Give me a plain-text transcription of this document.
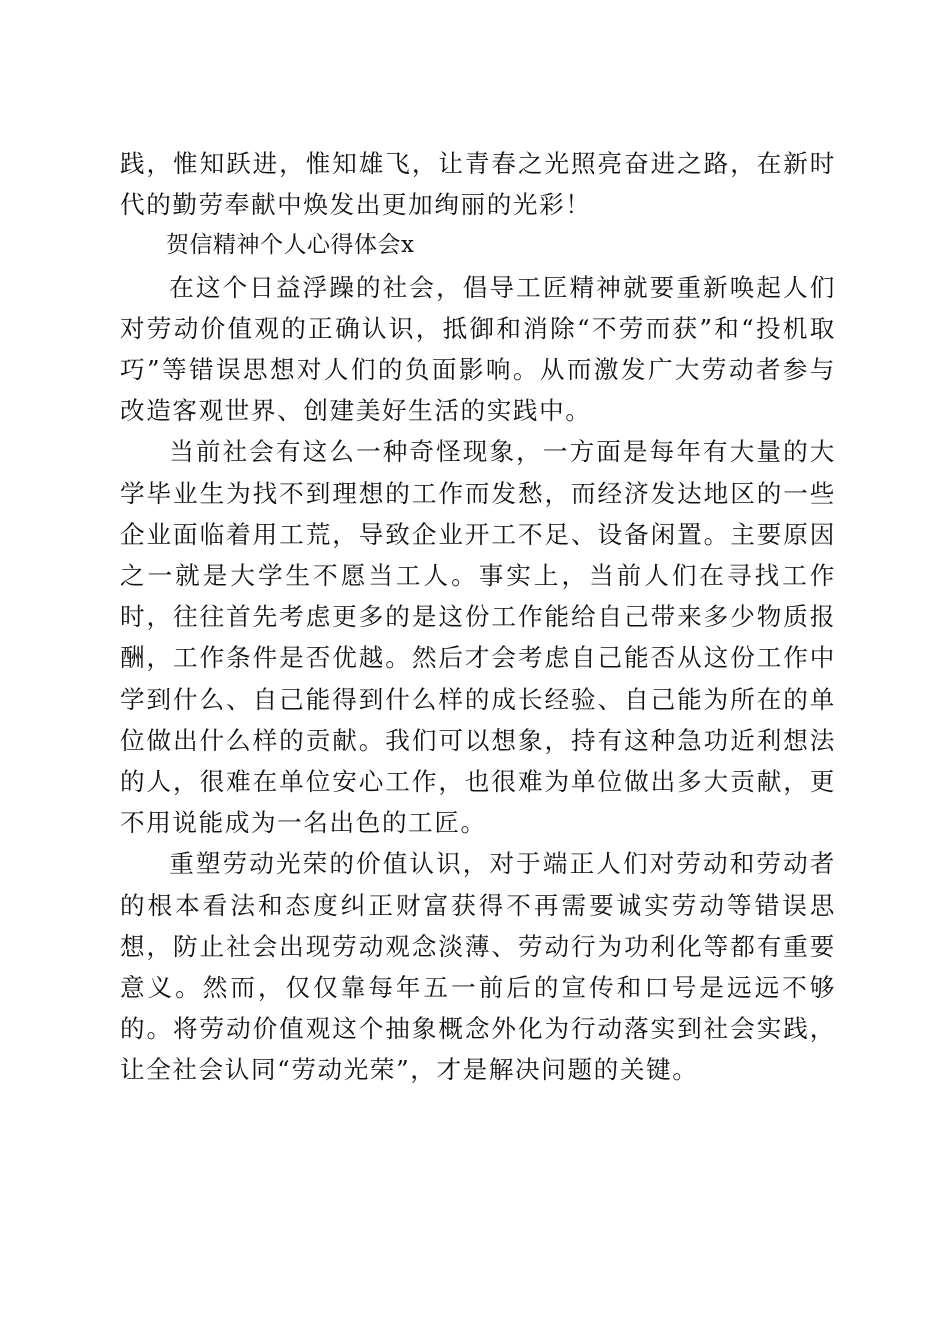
践，惟知跃进，惟知雄飞，让青春之光照亮奋进之路，在新时代的勤劳奉献中焕发出更加绚丽的光彩！

贺信精神个人心得体会x

在这个日益浮躁的社会，倡导工匠精神就要重新唤起人们对劳动价值观的正确认识，抵御和消除“不劳而获”和“投机取巧”等错误思想对人们的负面影响。从而激发广大劳动者参与改造客观世界、创建美好生活的实践中。

当前社会有这么一种奇怪现象，一方面是每年有大量的大学毕业生为找不到理想的工作而发愁，而经济发达地区的一些企业面临着用工荒，导致企业开工不足、设备闲置。主要原因之一就是大学生不愿当工人。事实上，当前人们在寻找工作时，往往首先考虑更多的是这份工作能给自己带来多少物质报酬，工作条件是否优越。然后才会考虑自己能否从这份工作中学到什么、自己能得到什么样的成长经验、自己能为所在的单位做出什么样的贡献。我们可以想象，持有这种急功近利想法的人，很难在单位安心工作，也很难为单位做出多大贡献，更不用说能成为一名出色的工匠。

重塑劳动光荣的价值认识，对于端正人们对劳动和劳动者的根本看法和态度纠正财富获得不再需要诚实劳动等错误思想，防止社会出现劳动观念淡薄、劳动行为功利化等都有重要意义。然而，仅仅靠每年五一前后的宣传和口号是远远不够的。将劳动价值观这个抽象概念外化为行动落实到社会实践，让全社会认同“劳动光荣”，才是解决问题的关键。
